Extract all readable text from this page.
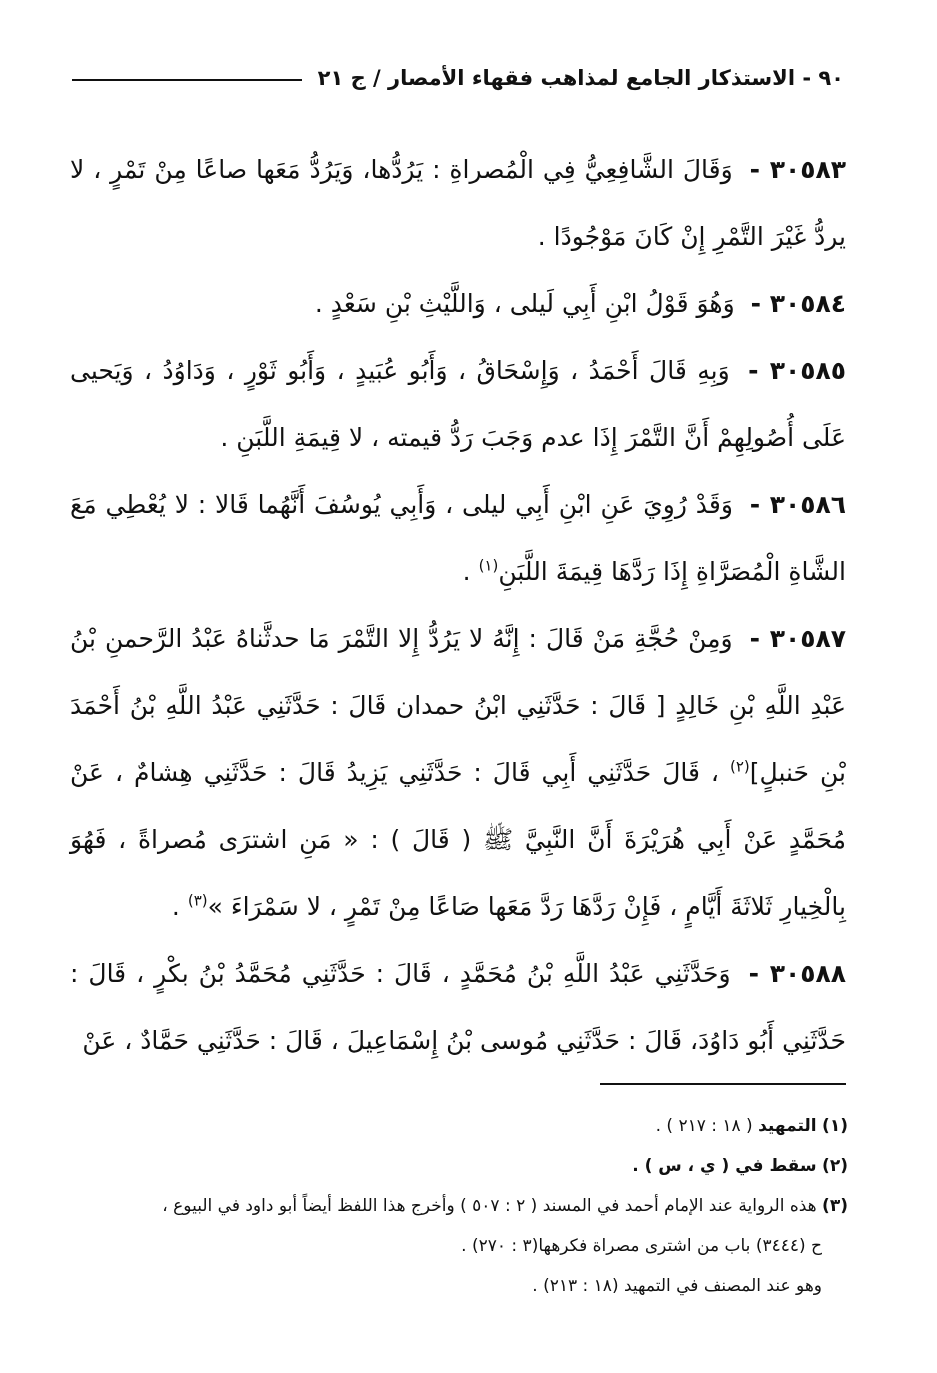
٩٠ - الاستذكار الجامع لمذاهب فقهاء الأمصار / ج ٢١

٣٠٥٨٣ - وَقَالَ الشَّافِعِيُّ فِي الْمُصراةِ : يَرُدُّها، وَيَرُدُّ مَعَها صاعًا مِنْ تَمْرٍ ، لا يردُّ غَيْرَ التَّمْرِ إِنْ كَانَ مَوْجُودًا .

٣٠٥٨٤ - وَهُوَ قَوْلُ ابْنِ أَبِي لَيلى ، وَاللَّيْثِ بْنِ سَعْدٍ .

٣٠٥٨٥ - وَبِهِ قَالَ أَحْمَدُ ، وَإِسْحَاقُ ، وَأَبُو عُبَيدٍ ، وَأَبُو ثَوْرٍ ، وَدَاوُدُ ، وَيَحيى عَلَى أُصُولِهِمْ أَنَّ التَّمْرَ إِذَا عدم وَجَبَ رَدُّ قيمته ، لا قِيمَةِ اللَّبَنِ .

٣٠٥٨٦ - وَقَدْ رُوِيَ عَنِ ابْنِ أَبِي ليلى ، وَأَبِي يُوسُفَ أَنَّهُما قَالا : لا يُعْطِي مَعَ الشَّاةِ الْمُصَرَّاةِ إِذَا رَدَّهَا قِيمَةَ اللَّبَنِ$^{(١)}$ .

٣٠٥٨٧ - وَمِنْ حُجَّةِ مَنْ قَالَ : إِنَّهُ لا يَرُدُّ إِلا التَّمْرَ مَا حدثَّناهُ عَبْدُ الرَّحمنِ بْنُ عَبْدِ اللَّهِ بْنِ خَالِدٍ [ قَالَ : حَدَّثَنِي ابْنُ حمدان قَالَ : حَدَّثَنِي عَبْدُ اللَّهِ بْنُ أَحْمَدَ بْنِ حَنبلٍ]$^{(٢)}$ ، قَالَ حَدَّثَنِي أَبِي قَالَ : حَدَّثَنِي يَزِيدُ قَالَ : حَدَّثَنِي هِشامٌ ، عَنْ مُحَمَّدٍ عَنْ أَبِي هُرَيْرَةَ أَنَّ النَّبِيَّ ﷺ ( قَالَ ) : « مَنِ اشترَى مُصراةً ، فَهُوَ بِالْخِيارِ ثَلاثَةَ أَيَّامٍ ، فَإِنْ رَدَّهَا رَدَّ مَعَها صَاعًا مِنْ تَمْرٍ ، لا سَمْرَاءَ »$^{(٣)}$ .

٣٠٥٨٨ - وَحَدَّثَنِي عَبْدُ اللَّهِ بْنُ مُحَمَّدٍ ، قَالَ : حَدَّثَنِي مُحَمَّدُ بْنُ بكْرٍ ، قَالَ : حَدَّثَنِي أَبُو دَاوُدَ، قَالَ : حَدَّثَنِي مُوسى بْنُ إِسْمَاعِيلَ ، قَالَ : حَدَّثَنِي حَمَّادٌ ، عَنْ

(١) التمهيد ( ١٨ : ٢١٧ ) .

(٢) سقط في ( ي ، س ) .

(٣) هذه الرواية عند الإمام أحمد في المسند ( ٢ : ٥٠٧ ) وأخرج هذا اللفظ أيضاً أبو داود في البيوع ،

ح (٣٤٤٤) باب من اشترى مصراة فكرهها(٣ : ٢٧٠) .

وهو عند المصنف في التمهيد (١٨ : ٢١٣) .
